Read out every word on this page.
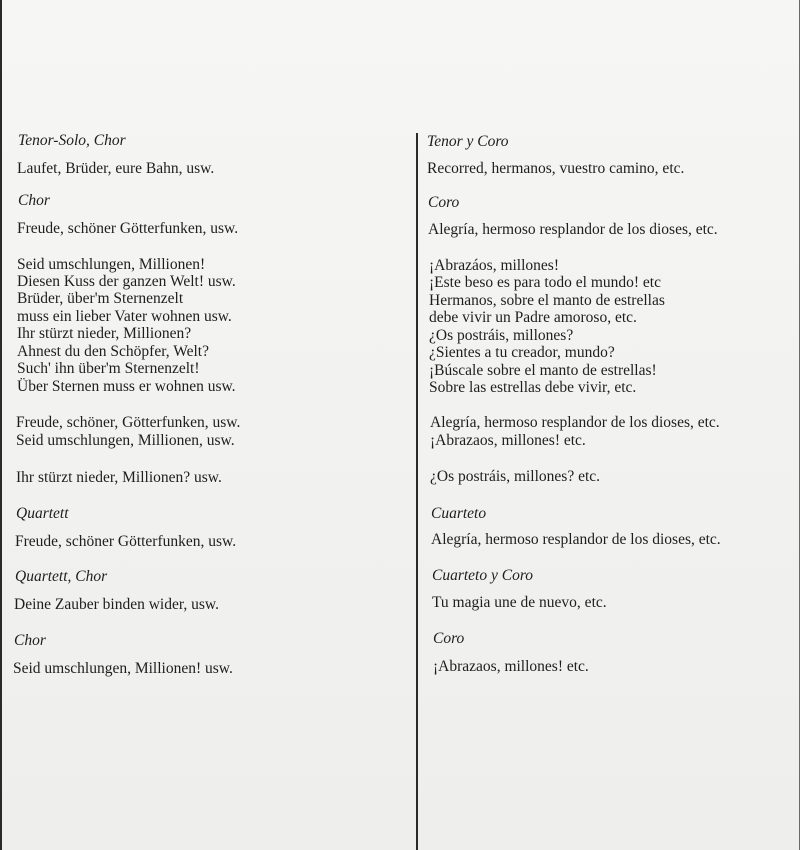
Tenor-Solo, Chor
Laufet, Brüder, eure Bahn, usw.
Chor
Freude, schöner Götterfunken, usw.
Seid umschlungen, Millionen!
Diesen Kuss der ganzen Welt! usw.
Brüder, über'm Sternenzelt
muss ein lieber Vater wohnen usw.
Ihr stürzt nieder, Millionen?
Ahnest du den Schöpfer, Welt?
Such' ihn über'm Sternenzelt!
Über Sternen muss er wohnen usw.
Freude, schöner, Götterfunken, usw.
Seid umschlungen, Millionen, usw.
Ihr stürzt nieder, Millionen? usw.
Quartett
Freude, schöner Götterfunken, usw.
Quartett, Chor
Deine Zauber binden wider, usw.
Chor
Seid umschlungen, Millionen! usw.
Tenor y Coro
Recorred, hermanos, vuestro camino, etc.
Coro
Alegría, hermoso resplandor de los dioses, etc.
¡Abrazáos, millones!
¡Este beso es para todo el mundo! etc
Hermanos, sobre el manto de estrellas
debe vivir un Padre amoroso, etc.
¿Os postráis, millones?
¿Sientes a tu creador, mundo?
¡Búscale sobre el manto de estrellas!
Sobre las estrellas debe vivir, etc.
Alegría, hermoso resplandor de los dioses, etc.
¡Abrazaos, millones! etc.
¿Os postráis, millones? etc.
Cuarteto
Alegría, hermoso resplandor de los dioses, etc.
Cuarteto y Coro
Tu magia une de nuevo, etc.
Coro
¡Abrazaos, millones! etc.
